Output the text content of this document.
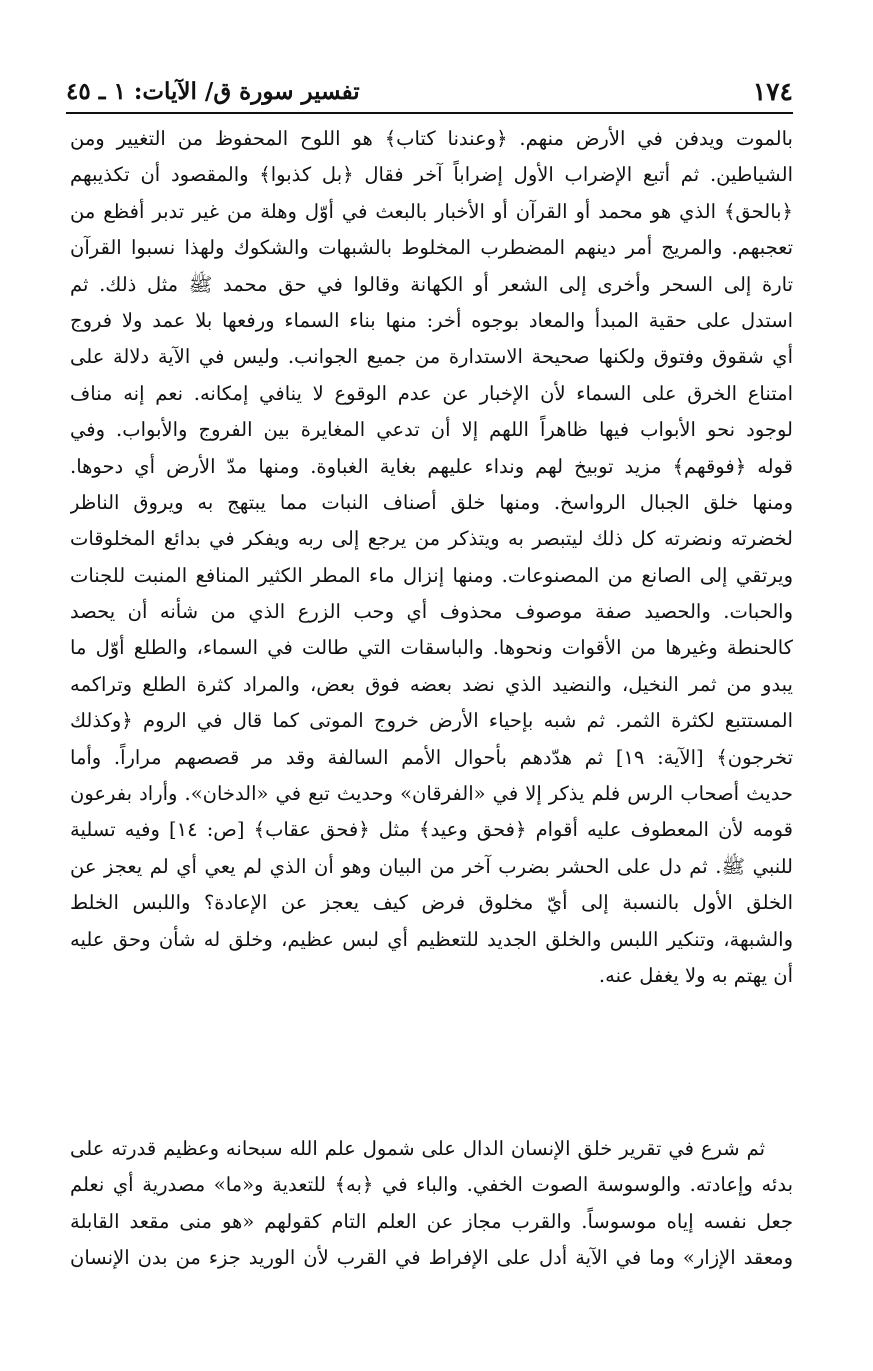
١٧٤
تفسير سورة ق/ الآيات: ١ ـ ٤٥
بالموت ويدفن في الأرض منهم. ﴿وعندنا كتاب﴾ هو اللوح المحفوظ من التغيير ومن
الشياطين. ثم أتبع الإضراب الأول إضراباً آخر فقال ﴿بل كذبوا﴾ والمقصود أن تكذيبهم
﴿بالحق﴾ الذي هو محمد أو القرآن أو الأخبار بالبعث في أوّل وهلة من غير تدبر أفظع من
تعجبهم. والمريج أمر دينهم المضطرب المخلوط بالشبهات والشكوك ولهذا نسبوا القرآن
تارة إلى السحر وأخرى إلى الشعر أو الكهانة وقالوا في حق محمد ﷺ مثل ذلك. ثم
استدل على حقية المبدأ والمعاد بوجوه أخر: منها بناء السماء ورفعها بلا عمد ولا فروج
أي شقوق وفتوق ولكنها صحيحة الاستدارة من جميع الجوانب. وليس في الآية دلالة على
امتناع الخرق على السماء لأن الإخبار عن عدم الوقوع لا ينافي إمكانه. نعم إنه مناف
لوجود نحو الأبواب فيها ظاهراً اللهم إلا أن تدعي المغايرة بين الفروج والأبواب. وفي
قوله ﴿فوقهم﴾ مزيد توبيخ لهم ونداء عليهم بغاية الغباوة. ومنها مدّ الأرض أي دحوها.
ومنها خلق الجبال الرواسخ. ومنها خلق أصناف النبات مما يبتهج به ويروق الناظر
لخضرته ونضرته كل ذلك ليتبصر به ويتذكر من يرجع إلى ربه ويفكر في بدائع المخلوقات
ويرتقي إلى الصانع من المصنوعات. ومنها إنزال ماء المطر الكثير المنافع المنبت للجنات
والحبات. والحصيد صفة موصوف محذوف أي وحب الزرع الذي من شأنه أن يحصد
كالحنطة وغيرها من الأقوات ونحوها. والباسقات التي طالت في السماء، والطلع أوّل ما
يبدو من ثمر النخيل، والنضيد الذي نضد بعضه فوق بعض، والمراد كثرة الطلع وتراكمه
المستتبع لكثرة الثمر. ثم شبه بإحياء الأرض خروج الموتى كما قال في الروم ﴿وكذلك
تخرجون﴾ [الآية: ١٩] ثم هدّدهم بأحوال الأمم السالفة وقد مر قصصهم مراراً. وأما
حديث أصحاب الرس فلم يذكر إلا في «الفرقان» وحديث تبع في «الدخان». وأراد بفرعون
قومه لأن المعطوف عليه أقوام ﴿فحق وعيد﴾ مثل ﴿فحق عقاب﴾ [ص: ١٤] وفيه تسلية
للنبي ﷺ. ثم دل على الحشر بضرب آخر من البيان وهو أن الذي لم يعي أي لم يعجز عن
الخلق الأول بالنسبة إلى أيّ مخلوق فرض كيف يعجز عن الإعادة؟ واللبس الخلط
والشبهة، وتنكير اللبس والخلق الجديد للتعظيم أي لبس عظيم، وخلق له شأن وحق عليه
أن يهتم به ولا يغفل عنه.
ثم شرع في تقرير خلق الإنسان الدال على شمول علم الله سبحانه وعظيم قدرته على
بدئه وإعادته. والوسوسة الصوت الخفي. والباء في ﴿به﴾ للتعدية و«ما» مصدرية أي نعلم
جعل نفسه إياه موسوساً. والقرب مجاز عن العلم التام كقولهم «هو منى مقعد القابلة
ومعقد الإزار» وما في الآية أدل على الإفراط في القرب لأن الوريد جزء من بدن الإنسان
